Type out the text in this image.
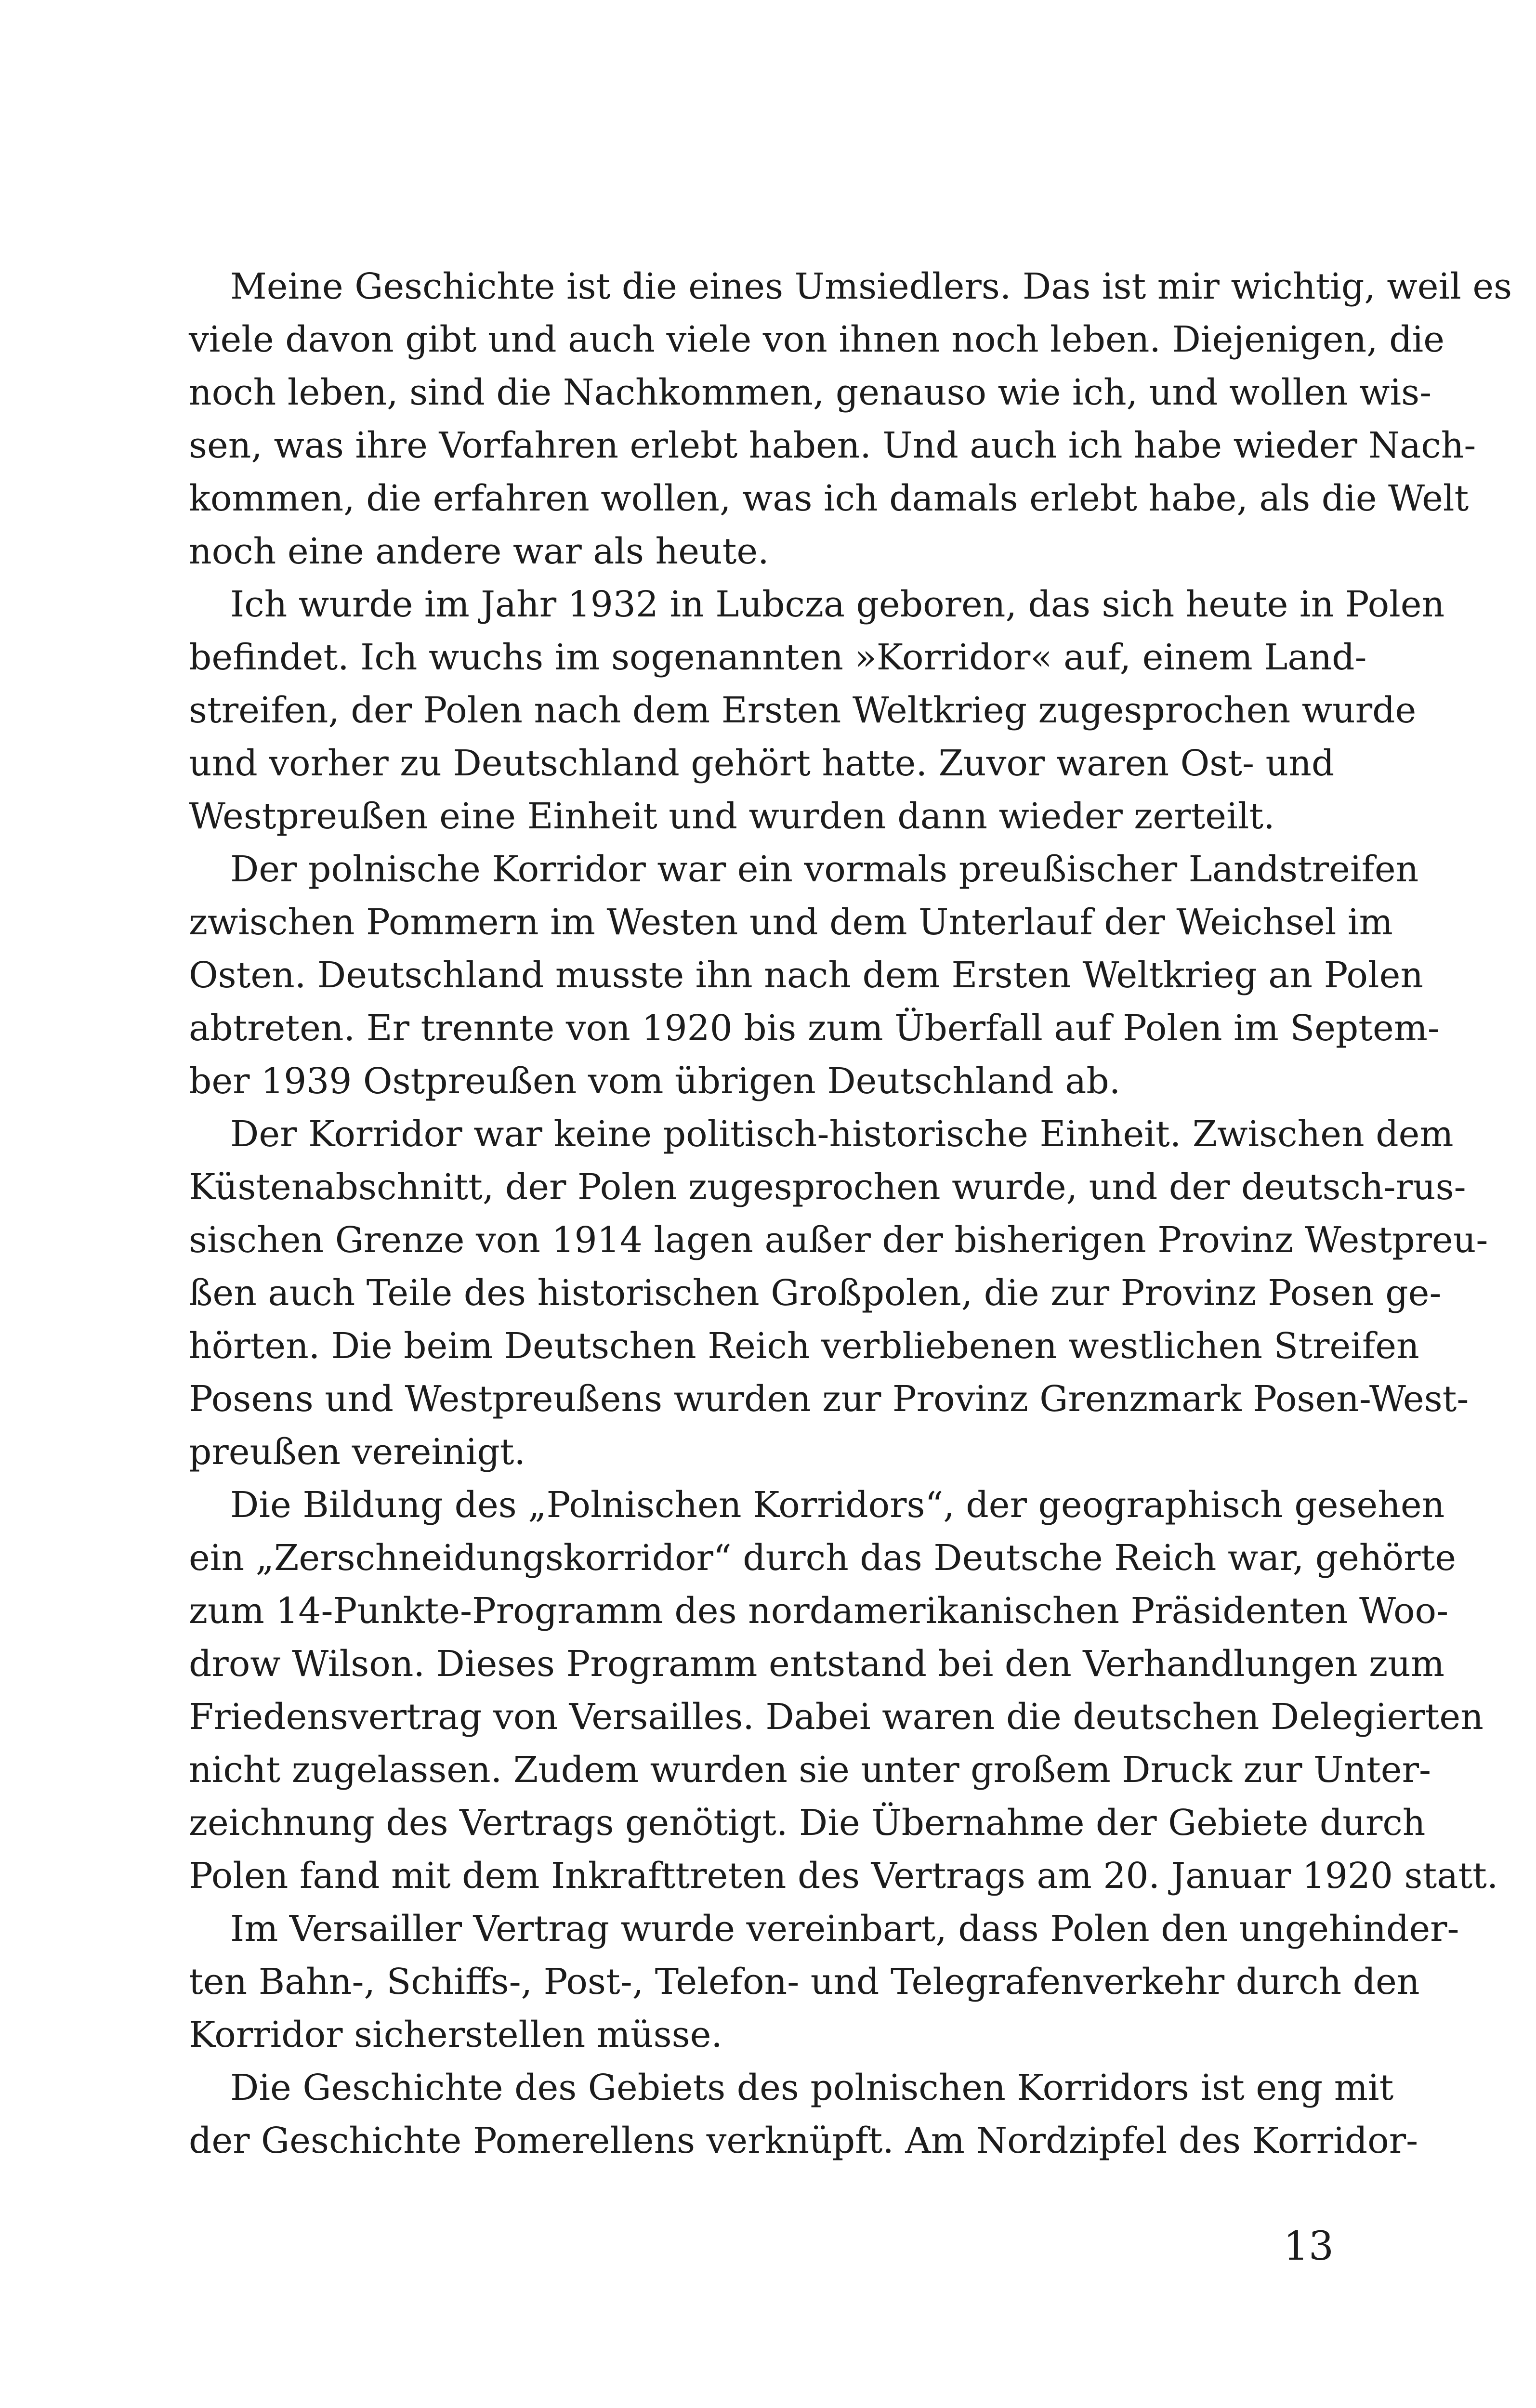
Meine Geschichte ist die eines Umsiedlers. Das ist mir wichtig, weil es
viele davon gibt und auch viele von ihnen noch leben. Diejenigen, die
noch leben, sind die Nachkommen, genauso wie ich, und wollen wis-
sen, was ihre Vorfahren erlebt haben. Und auch ich habe wieder Nach-
kommen, die erfahren wollen, was ich damals erlebt habe, als die Welt
noch eine andere war als heute.
Ich wurde im Jahr 1932 in Lubcza geboren, das sich heute in Polen
befindet. Ich wuchs im sogenannten »Korridor« auf, einem Land-
streifen, der Polen nach dem Ersten Weltkrieg zugesprochen wurde
und vorher zu Deutschland gehört hatte. Zuvor waren Ost- und
Westpreußen eine Einheit und wurden dann wieder zerteilt.
Der polnische Korridor war ein vormals preußischer Landstreifen
zwischen Pommern im Westen und dem Unterlauf der Weichsel im
Osten. Deutschland musste ihn nach dem Ersten Weltkrieg an Polen
abtreten. Er trennte von 1920 bis zum Überfall auf Polen im Septem-
ber 1939 Ostpreußen vom übrigen Deutschland ab.
Der Korridor war keine politisch-historische Einheit. Zwischen dem
Küstenabschnitt, der Polen zugesprochen wurde, und der deutsch-rus-
sischen Grenze von 1914 lagen außer der bisherigen Provinz Westpreu-
ßen auch Teile des historischen Großpolen, die zur Provinz Posen ge-
hörten. Die beim Deutschen Reich verbliebenen westlichen Streifen
Posens und Westpreußens wurden zur Provinz Grenzmark Posen-West-
preußen vereinigt.
Die Bildung des „Polnischen Korridors“, der geographisch gesehen
ein „Zerschneidungskorridor“ durch das Deutsche Reich war, gehörte
zum 14-Punkte-Programm des nordamerikanischen Präsidenten Woo-
drow Wilson. Dieses Programm entstand bei den Verhandlungen zum
Friedensvertrag von Versailles. Dabei waren die deutschen Delegierten
nicht zugelassen. Zudem wurden sie unter großem Druck zur Unter-
zeichnung des Vertrags genötigt. Die Übernahme der Gebiete durch
Polen fand mit dem Inkrafttreten des Vertrags am 20. Januar 1920 statt.
Im Versailler Vertrag wurde vereinbart, dass Polen den ungehinder-
ten Bahn-, Schiffs-, Post-, Telefon- und Telegrafenverkehr durch den
Korridor sicherstellen müsse.
Die Geschichte des Gebiets des polnischen Korridors ist eng mit
der Geschichte Pomerellens verknüpft. Am Nordzipfel des Korridor-
13
